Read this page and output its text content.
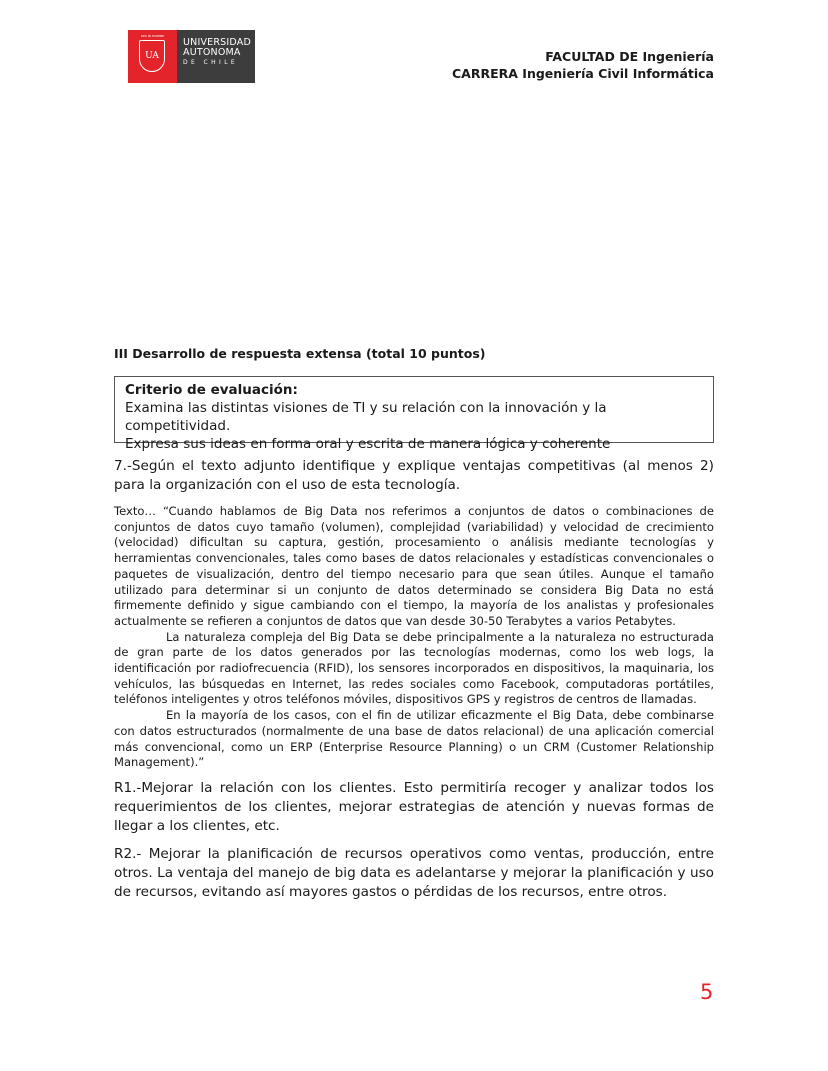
RES IN HOMINE
UA
UNIVERSIDAD
AUTONOMA
DE CHILE	FACULTAD DE Ingeniería
CARRERA Ingeniería Civil Informática
III Desarrollo de respuesta extensa (total 10 puntos)
Criterio de evaluación:
Examina las distintas visiones de TI y su relación con la innovación y la competitividad.
Expresa sus ideas en forma oral y escrita de manera lógica y coherente
7.-Según el texto adjunto identifique y explique ventajas competitivas (al menos 2) para la organización con el uso de esta tecnología.

Texto… “Cuando hablamos de Big Data nos referimos a conjuntos de datos o combinaciones de conjuntos de datos cuyo tamaño (volumen), complejidad (variabilidad) y velocidad de crecimiento (velocidad) dificultan su captura, gestión, procesamiento o análisis mediante tecnologías y herramientas convencionales, tales como bases de datos relacionales y estadísticas convencionales o paquetes de visualización, dentro del tiempo necesario para que sean útiles. Aunque el tamaño utilizado para determinar si un conjunto de datos determinado se considera Big Data no está firmemente definido y sigue cambiando con el tiempo, la mayoría de los analistas y profesionales actualmente se refieren a conjuntos de datos que van desde 30-50 Terabytes a varios Petabytes.

La naturaleza compleja del Big Data se debe principalmente a la naturaleza no estructurada de gran parte de los datos generados por las tecnologías modernas, como los web logs, la identificación por radiofrecuencia (RFID), los sensores incorporados en dispositivos, la maquinaria, los vehículos, las búsquedas en Internet, las redes sociales como Facebook, computadoras portátiles, teléfonos inteligentes y otros teléfonos móviles, dispositivos GPS y registros de centros de llamadas.

En la mayoría de los casos, con el fin de utilizar eficazmente el Big Data, debe combinarse con datos estructurados (normalmente de una base de datos relacional) de una aplicación comercial más convencional, como un ERP (Enterprise Resource Planning) o un CRM (Customer Relationship Management).”

R1.-Mejorar la relación con los clientes. Esto permitiría recoger y analizar todos los requerimientos de los clientes, mejorar estrategias de atención y nuevas formas de llegar a los clientes, etc.
R2.- Mejorar la planificación de recursos operativos como ventas, producción, entre otros. La ventaja del manejo de big data es adelantarse y mejorar la planificación y uso de recursos, evitando así mayores gastos o pérdidas de los recursos, entre otros.
5
